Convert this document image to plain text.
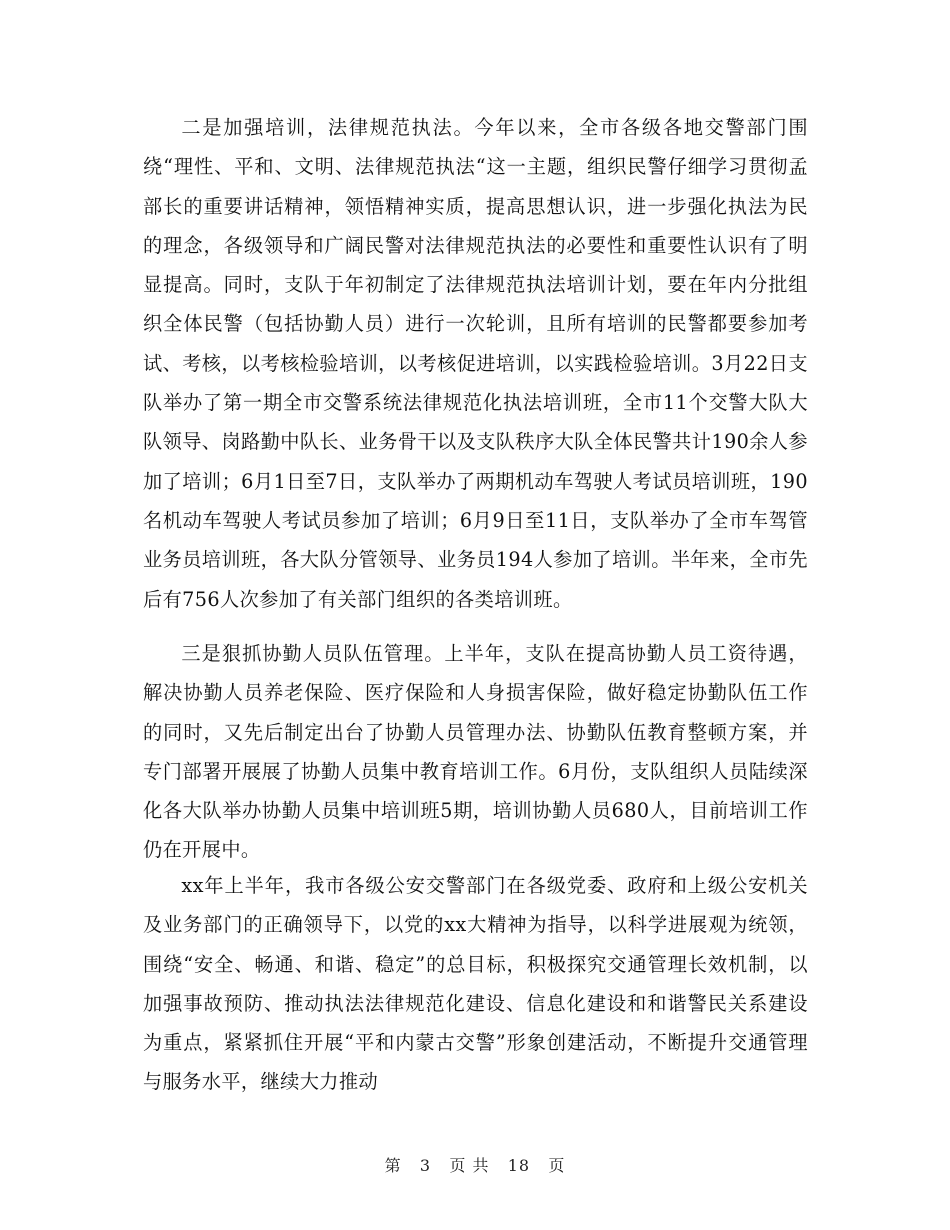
二是加强培训，法律规范执法。今年以来，全市各级各地交警部门围绕“理性、平和、文明、法律规范执法“这一主题，组织民警仔细学习贯彻孟部长的重要讲话精神，领悟精神实质，提高思想认识，进一步强化执法为民的理念，各级领导和广阔民警对法律规范执法的必要性和重要性认识有了明显提高。同时，支队于年初制定了法律规范执法培训计划，要在年内分批组织全体民警（包括协勤人员）进行一次轮训，且所有培训的民警都要参加考试、考核，以考核检验培训，以考核促进培训，以实践检验培训。3月22日支队举办了第一期全市交警系统法律规范化执法培训班，全市11个交警大队大队领导、岗路勤中队长、业务骨干以及支队秩序大队全体民警共计190余人参加了培训；6月1日至7日，支队举办了两期机动车驾驶人考试员培训班，190名机动车驾驶人考试员参加了培训；6月9日至11日，支队举办了全市车驾管业务员培训班，各大队分管领导、业务员194人参加了培训。半年来，全市先后有756人次参加了有关部门组织的各类培训班。

三是狠抓协勤人员队伍管理。上半年，支队在提高协勤人员工资待遇，解决协勤人员养老保险、医疗保险和人身损害保险，做好稳定协勤队伍工作的同时，又先后制定出台了协勤人员管理办法、协勤队伍教育整顿方案，并专门部署开展展了协勤人员集中教育培训工作。6月份，支队组织人员陆续深化各大队举办协勤人员集中培训班5期，培训协勤人员680人，目前培训工作仍在开展中。

xx年上半年，我市各级公安交警部门在各级党委、政府和上级公安机关及业务部门的正确领导下，以党的xx大精神为指导，以科学进展观为统领，围绕“安全、畅通、和谐、稳定”的总目标，积极探究交通管理长效机制，以加强事故预防、推动执法法律规范化建设、信息化建设和和谐警民关系建设为重点，紧紧抓住开展“平和内蒙古交警”形象创建活动，不断提升交通管理与服务水平，继续大力推动

第 3 页 共 18 页
